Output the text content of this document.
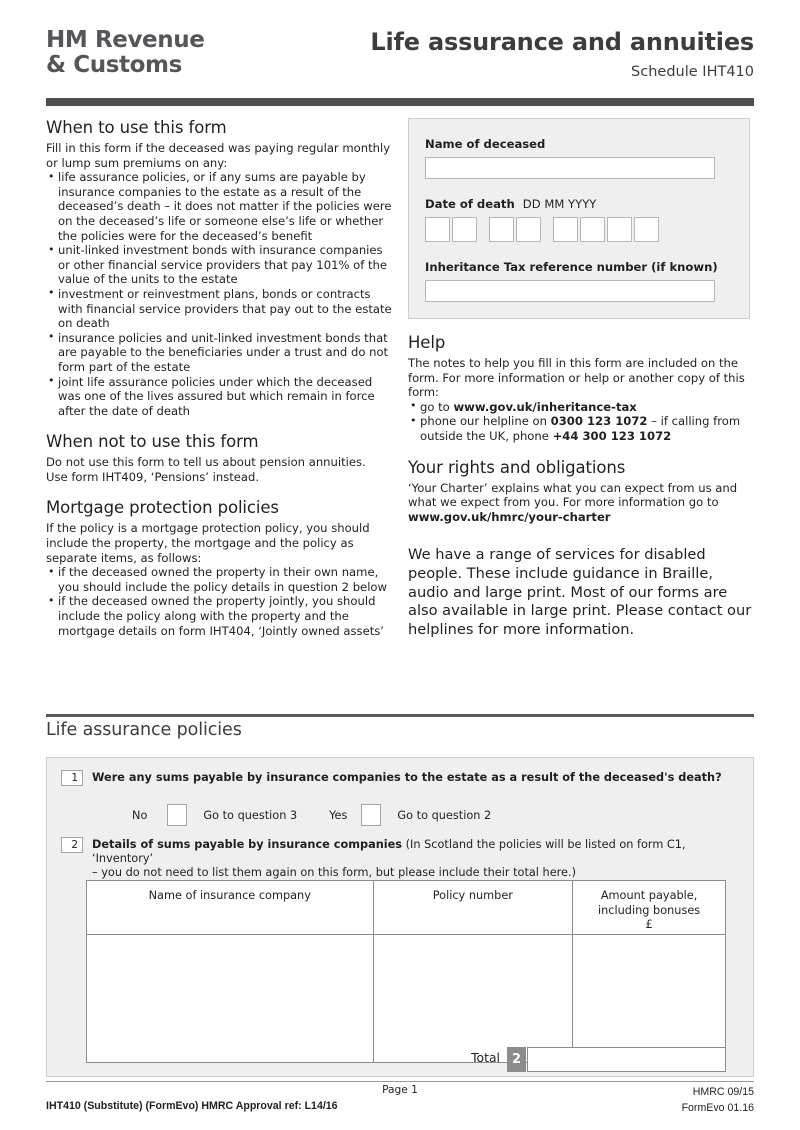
HM Revenue
& Customs
Life assurance and annuities
Schedule IHT410
When to use this form

Fill in this form if the deceased was paying regular monthly or lump sum premiums on any:

• life assurance policies, or if any sums are payable by insurance companies to the estate as a result of the deceased’s death – it does not matter if the policies were on the deceased’s life or someone else’s life or whether the policies were for the deceased’s benefit
• unit-linked investment bonds with insurance companies or other financial service providers that pay 101% of the value of the units to the estate
• investment or reinvestment plans, bonds or contracts with financial service providers that pay out to the estate on death
• insurance policies and unit-linked investment bonds that are payable to the beneficiaries under a trust and do not form part of the estate
• joint life assurance policies under which the deceased was one of the lives assured but which remain in force after the date of death
When not to use this form

Do not use this form to tell us about pension annuities.

Use form IHT409, ‘Pensions’ instead.

Mortgage protection policies

If the policy is a mortgage protection policy, you should include the property, the mortgage and the policy as separate items, as follows:

• if the deceased owned the property in their own name, you should include the policy details in question 2 below
• if the deceased owned the property jointly, you should include the policy along with the property and the mortgage details on form IHT404, ‘Jointly owned assets’
Name of deceased
Date of death DD MM YYYY
Inheritance Tax reference number (if known)
Help

The notes to help you fill in this form are included on the form. For more information or help or another copy of this form:

• go to www.gov.uk/inheritance-tax
• phone our helpline on 0300 123 1072 – if calling from outside the UK, phone +44 300 123 1072
Your rights and obligations

‘Your Charter’ explains what you can expect from us and what we expect from you. For more information go to www.gov.uk/hmrc/your-charter

We have a range of services for disabled people. These include guidance in Braille, audio and large print. Most of our forms are also available in large print. Please contact our helplines for more information.
Life assurance policies
1	Were any sums payable by insurance companies to the estate as a result of the deceased's death?
No	Go to question 3	Yes	Go to question 2
2	Details of sums payable by insurance companies (In Scotland the policies will be listed on form C1, ‘Inventory’
– you do not need to list them again on this form, but please include their total here.)
Name of insurance company	Policy number	Amount payable,
including bonuses
£

Total 2
Page 1
IHT410 (Substitute) (FormEvo) HMRC Approval ref: L14/16
HMRC 09/15
FormEvo 01.16
